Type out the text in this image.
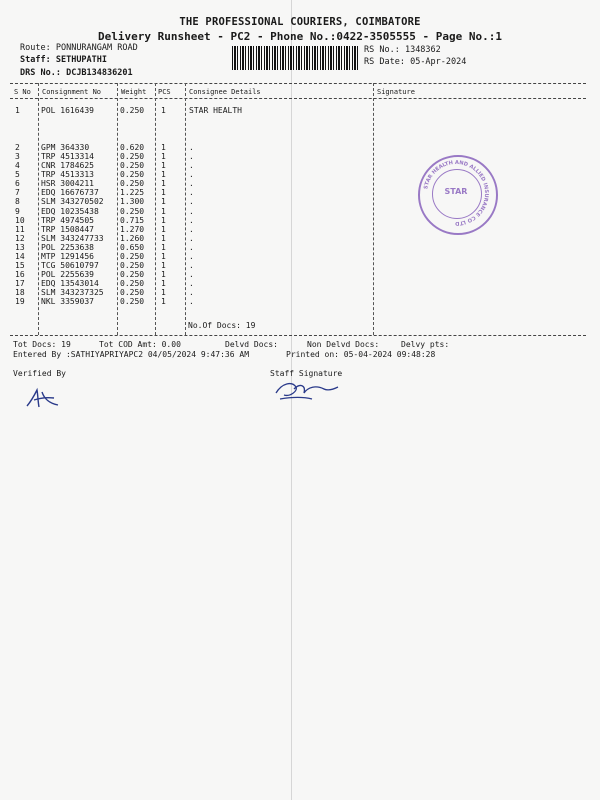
THE PROFESSIONAL COURIERS, COIMBATORE
Delivery Runsheet - PC2 - Phone No.:0422-3505555 - Page No.:1
Route: PONNURANGAM ROAD
Staff: SETHUPATHI
DRS No.: DCJB134836201
RS No.: 1348362
RS Date: 05-Apr-2024
S No Consignment No	Weight PCS	Consignee Details	Signature
1	POL 1616439	0.250 1	STAR HEALTH
2	GPM 364330	0.620 1	.
3	TRP 4513314	0.250 1	.
4	CNR 1784625	0.250 1	.
5	TRP 4513313	0.250 1	.
6	HSR 3004211	0.250 1	.
7	EDQ 16676737	1.225 1	.
8	SLM 343270502 1.300 1	.
9	EDQ 10235438	0.250 1	.
10 TRP 4974505	0.715 1	.
11 TRP 1508447	1.270 1	.
12 SLM 343247733 1.260 1	.
13 POL 2253638	0.650 1	.
14 MTP 1291456	0.250 1	.
15 TCG 50610797	0.250 1	.
16 POL 2255639	0.250 1	.
17 EDQ 13543014	0.250 1	.
18 SLM 343237325 0.250 1	.
19 NKL 3359037	0.250 1	.
No.Of Docs: 19
Tot Docs: 19	Tot COD Amt: 0.00	Delvd Docs:	Non Delvd Docs:	Delvy pts:
Entered By :SATHIYAPRIYAPC2 04/05/2024 9:47:36 AM	Printed on: 05-04-2024 09:48:28
Verified By	Staff Signature
STAR HEALTH AND ALLIED INSURANCE CO LTD
STAR
